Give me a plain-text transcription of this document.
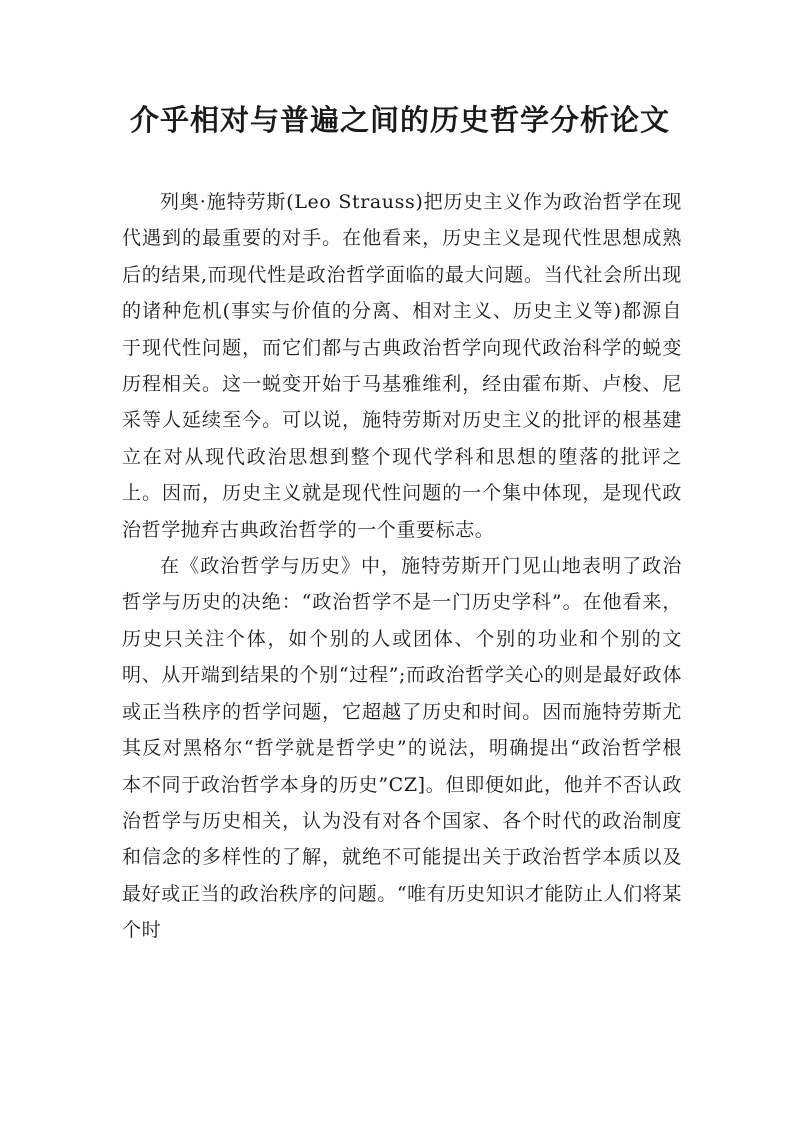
介乎相对与普遍之间的历史哲学分析论文

列奥·施特劳斯(Leo Strauss)把历史主义作为政治哲学在现代遇到的最重要的对手。在他看来，历史主义是现代性思想成熟后的结果,而现代性是政治哲学面临的最大问题。当代社会所出现的诸种危机(事实与价值的分离、相对主义、历史主义等)都源自于现代性问题，而它们都与古典政治哲学向现代政治科学的蜕变历程相关。这一蜕变开始于马基雅维利，经由霍布斯、卢梭、尼采等人延续至今。可以说，施特劳斯对历史主义的批评的根基建立在对从现代政治思想到整个现代学科和思想的堕落的批评之上。因而，历史主义就是现代性问题的一个集中体现，是现代政治哲学抛弃古典政治哲学的一个重要标志。

在《政治哲学与历史》中，施特劳斯开门见山地表明了政治哲学与历史的决绝：“政治哲学不是一门历史学科”。在他看来，历史只关注个体，如个别的人或团体、个别的功业和个别的文明、从开端到结果的个别“过程”;而政治哲学关心的则是最好政体或正当秩序的哲学问题，它超越了历史和时间。因而施特劳斯尤其反对黑格尔“哲学就是哲学史”的说法，明确提出“政治哲学根本不同于政治哲学本身的历史”CZ]。但即便如此，他并不否认政治哲学与历史相关，认为没有对各个国家、各个时代的政治制度和信念的多样性的了解，就绝不可能提出关于政治哲学本质以及最好或正当的政治秩序的问题。“唯有历史知识才能防止人们将某个时
